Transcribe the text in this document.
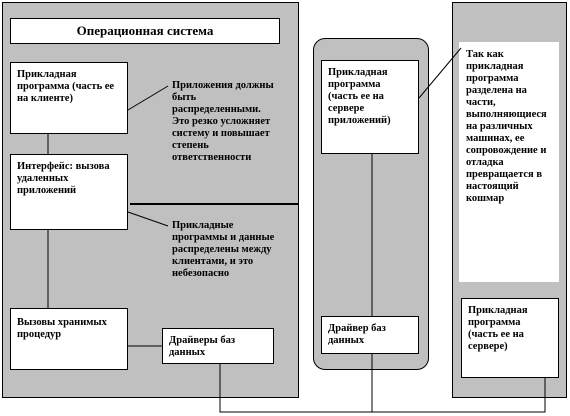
Операционная система
Прикладная программа (часть ее на клиенте)
Интерфейс: вызова удаленных приложений
Вызовы хранимых процедур
Драйверы баз данных
Приложения должны быть распределенными. Это резко усложняет систему и повышает степень ответственности
Прикладные программы и данные распределены между клиентами, и это небезопасно
Прикладная программа (часть ее на сервере приложений)
Драйвер баз данных
Так как прикладная программа разделена на части, выполняющиеся на различных машинах, ее сопровождение и отладка превращается в настоящий кошмар
Прикладная программа (часть ее на сервере)
